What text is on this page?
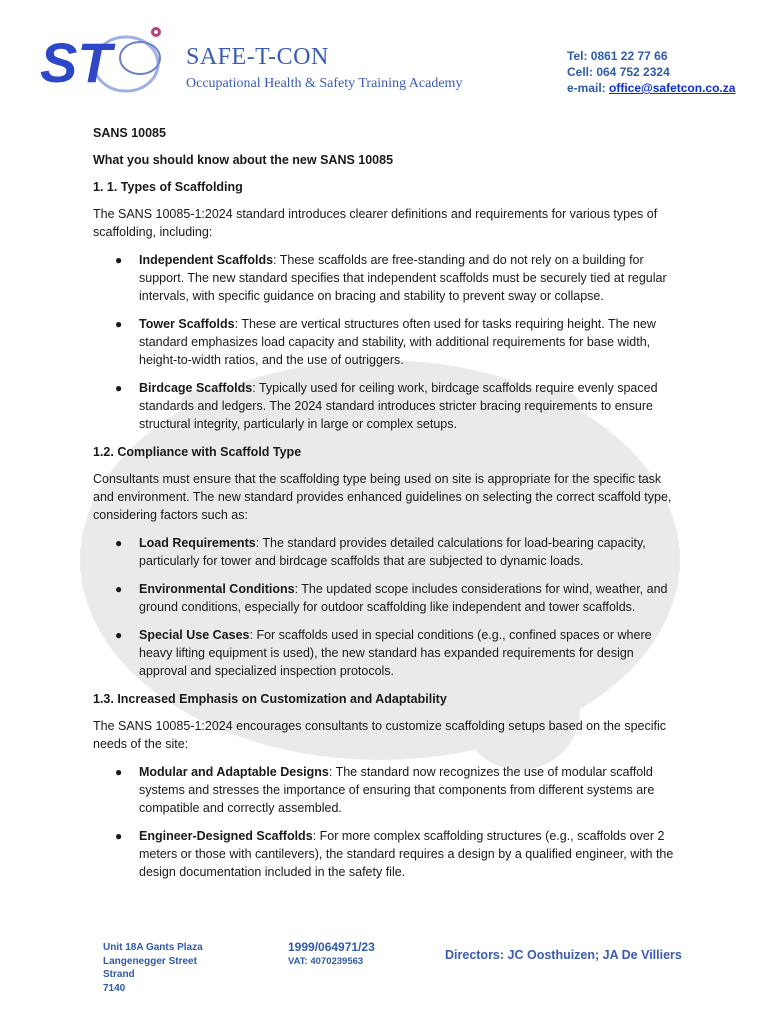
ST	SAFE-T-CON
Occupational Health & Safety Training Academy
Tel: 0861 22 77 66
Cell: 064 752 2324
e-mail: office@safetcon.co.za

SANS 10085

What you should know about the new SANS 10085

1. 1. Types of Scaffolding

The SANS 10085-1:2024 standard introduces clearer definitions and requirements for various types of scaffolding, including:

● Independent Scaffolds: These scaffolds are free-standing and do not rely on a building for support. The new standard specifies that independent scaffolds must be securely tied at regular intervals, with specific guidance on bracing and stability to prevent sway or collapse.
● Tower Scaffolds: These are vertical structures often used for tasks requiring height. The new standard emphasizes load capacity and stability, with additional requirements for base width, height-to-width ratios, and the use of outriggers.
● Birdcage Scaffolds: Typically used for ceiling work, birdcage scaffolds require evenly spaced standards and ledgers. The 2024 standard introduces stricter bracing requirements to ensure structural integrity, particularly in large or complex setups.

1.2. Compliance with Scaffold Type

Consultants must ensure that the scaffolding type being used on site is appropriate for the specific task and environment. The new standard provides enhanced guidelines on selecting the correct scaffold type, considering factors such as:

● Load Requirements: The standard provides detailed calculations for load-bearing capacity, particularly for tower and birdcage scaffolds that are subjected to dynamic loads.
● Environmental Conditions: The updated scope includes considerations for wind, weather, and ground conditions, especially for outdoor scaffolding like independent and tower scaffolds.
● Special Use Cases: For scaffolds used in special conditions (e.g., confined spaces or where heavy lifting equipment is used), the new standard has expanded requirements for design approval and specialized inspection protocols.

1.3. Increased Emphasis on Customization and Adaptability

The SANS 10085-1:2024 encourages consultants to customize scaffolding setups based on the specific needs of the site:

● Modular and Adaptable Designs: The standard now recognizes the use of modular scaffold systems and stresses the importance of ensuring that components from different systems are compatible and correctly assembled.
● Engineer-Designed Scaffolds: For more complex scaffolding structures (e.g., scaffolds over 2 meters or those with cantilevers), the standard requires a design by a qualified engineer, with the design documentation included in the safety file.
Unit 18A Gants Plaza
Langenegger Street
Strand
7140
1999/064971/23
VAT: 4070239563	Directors: JC Oosthuizen; JA De Villiers
